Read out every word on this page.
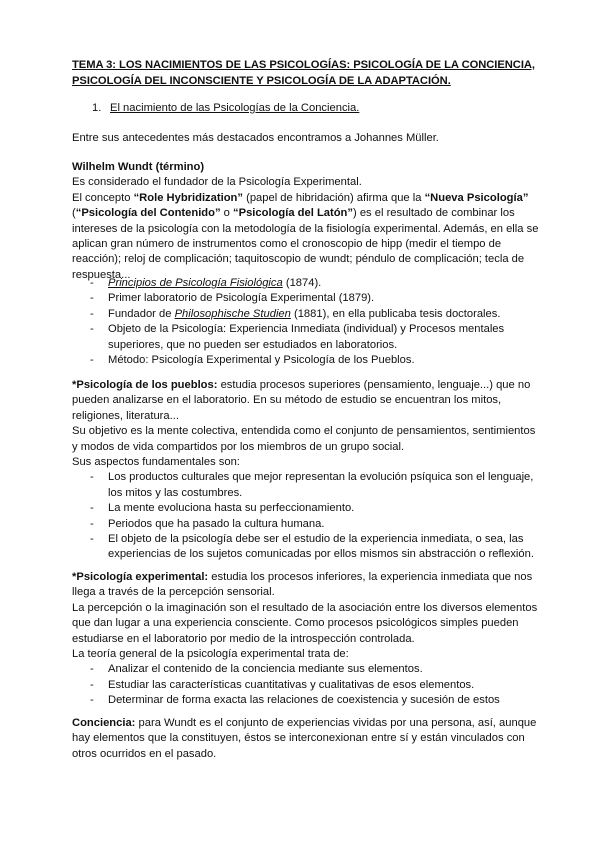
TEMA 3: LOS NACIMIENTOS DE LAS PSICOLOGÍAS: PSICOLOGÍA DE LA CONCIENCIA, PSICOLOGÍA DEL INCONSCIENTE Y PSICOLOGÍA DE LA ADAPTACIÓN.
1. El nacimiento de las Psicologías de la Conciencia.

Entre sus antecedentes más destacados encontramos a Johannes Müller.

Wilhelm Wundt (término)

Es considerado el fundador de la Psicología Experimental.

El concepto “Role Hybridization” (papel de hibridación) afirma que la “Nueva Psicología” (“Psicología del Contenido” o “Psicología del Latón”) es el resultado de combinar los intereses de la psicología con la metodología de la fisiología experimental. Además, en ella se aplican gran número de instrumentos como el cronoscopio de hipp (medir el tiempo de reacción); reloj de complicación; taquitoscopio de wundt; péndulo de complicación; tecla de respuesta...

- Principios de Psicología Fisiológica (1874).
- Primer laboratorio de Psicología Experimental (1879).
- Fundador de Philosophische Studien (1881), en ella publicaba tesis doctorales.
- Objeto de la Psicología: Experiencia Inmediata (individual) y Procesos mentales superiores, que no pueden ser estudiados en laboratorios.
- Método: Psicología Experimental y Psicología de los Pueblos.

*Psicología de los pueblos: estudia procesos superiores (pensamiento, lenguaje...) que no pueden analizarse en el laboratorio. En su método de estudio se encuentran los mitos, religiones, literatura...

Su objetivo es la mente colectiva, entendida como el conjunto de pensamientos, sentimientos y modos de vida compartidos por los miembros de un grupo social.

Sus aspectos fundamentales son:

- Los productos culturales que mejor representan la evolución psíquica son el lenguaje, los mitos y las costumbres.
- La mente evoluciona hasta su perfeccionamiento.
- Periodos que ha pasado la cultura humana.
- El objeto de la psicología debe ser el estudio de la experiencia inmediata, o sea, las experiencias de los sujetos comunicadas por ellos mismos sin abstracción o reflexión.

*Psicología experimental: estudia los procesos inferiores, la experiencia inmediata que nos llega a través de la percepción sensorial.

La percepción o la imaginación son el resultado de la asociación entre los diversos elementos que dan lugar a una experiencia consciente. Como procesos psicológicos simples pueden estudiarse en el laboratorio por medio de la introspección controlada.

La teoría general de la psicología experimental trata de:

- Analizar el contenido de la conciencia mediante sus elementos.
- Estudiar las características cuantitativas y cualitativas de esos elementos.
- Determinar de forma exacta las relaciones de coexistencia y sucesión de estos

Conciencia: para Wundt es el conjunto de experiencias vividas por una persona, así, aunque hay elementos que la constituyen, éstos se interconexionan entre sí y están vinculados con otros ocurridos en el pasado.
